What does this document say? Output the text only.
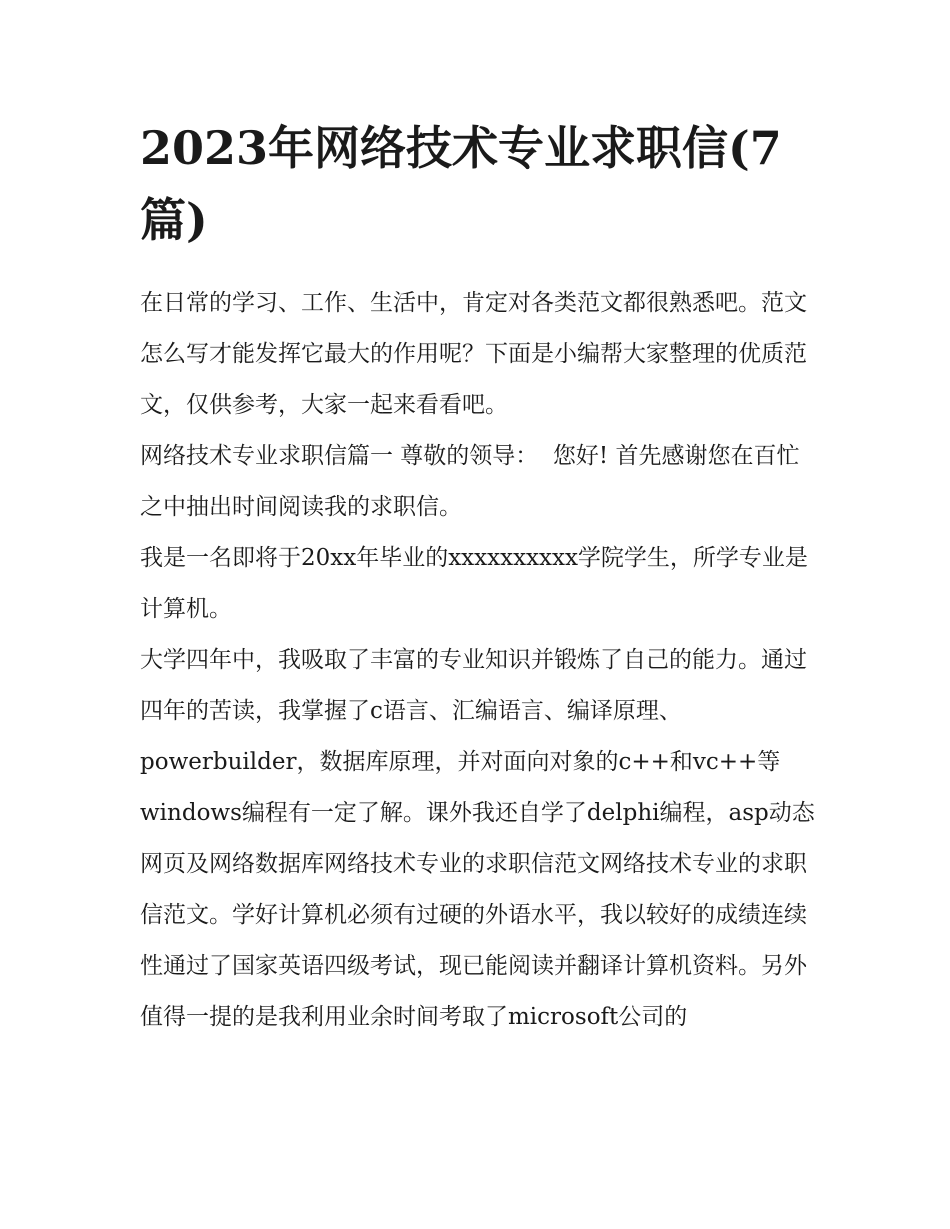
2023年网络技术专业求职信(7篇)

在日常的学习、工作、生活中，肯定对各类范文都很熟悉吧。范文怎么写才能发挥它最大的作用呢？下面是小编帮大家整理的优质范文，仅供参考，大家一起来看看吧。

网络技术专业求职信篇一 尊敬的领导：  您好! 首先感谢您在百忙之中抽出时间阅读我的求职信。

我是一名即将于20xx年毕业的xxxxxxxxxx学院学生，所学专业是计算机。

大学四年中，我吸取了丰富的专业知识并锻炼了自己的能力。通过四年的苦读，我掌握了c语言、汇编语言、编译原理、powerbuilder，数据库原理，并对面向对象的c++和vc++等windows编程有一定了解。课外我还自学了delphi编程，asp动态网页及网络数据库网络技术专业的求职信范文网络技术专业的求职信范文。学好计算机必须有过硬的外语水平，我以较好的成绩连续性通过了国家英语四级考试，现已能阅读并翻译计算机资料。另外值得一提的是我利用业余时间考取了microsoft公司的
